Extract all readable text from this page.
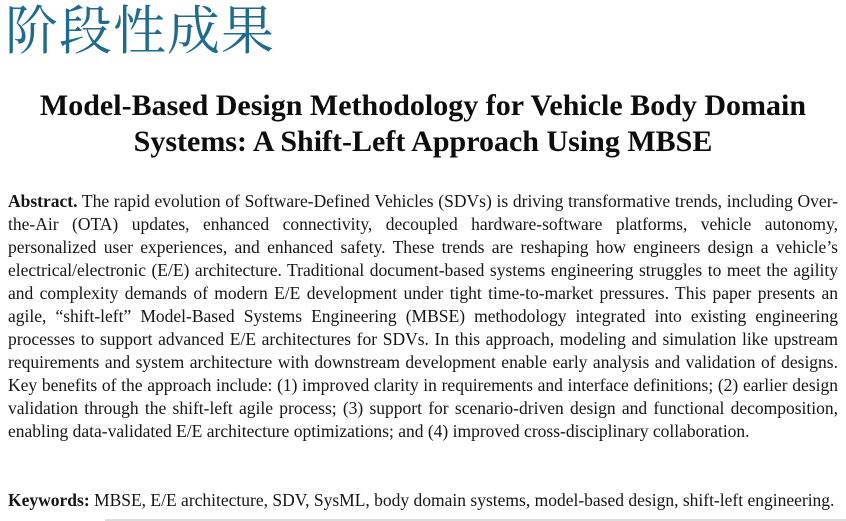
阶段性成果
Model-Based Design Methodology for Vehicle Body Domain
Systems: A Shift-Left Approach Using MBSE

Abstract. The rapid evolution of Software-Defined Vehicles (SDVs) is driving transformative trends, including Over-the-Air (OTA) updates, enhanced connectivity, decoupled hardware-software platforms, vehicle autonomy, personalized user experiences, and enhanced safety. These trends are reshaping how engineers design a vehicle’s electrical/electronic (E/E) architecture. Traditional document-based systems engineering struggles to meet the agility and complexity demands of modern E/E development under tight time-to-market pressures. This paper presents an agile, “shift-left” Model-Based Systems Engineering (MBSE) methodology integrated into existing engineering processes to support advanced E/E architectures for SDVs. In this approach, modeling and simulation like upstream requirements and system architecture with downstream development enable early analysis and validation of designs. Key benefits of the approach include: (1) improved clarity in requirements and interface definitions; (2) earlier design validation through the shift-left agile process; (3) support for scenario-driven design and functional decomposition, enabling data-validated E/E architecture optimizations; and (4) improved cross-disciplinary collaboration.

Keywords: MBSE, E/E architecture, SDV, SysML, body domain systems, model-based design, shift-left engineering.
